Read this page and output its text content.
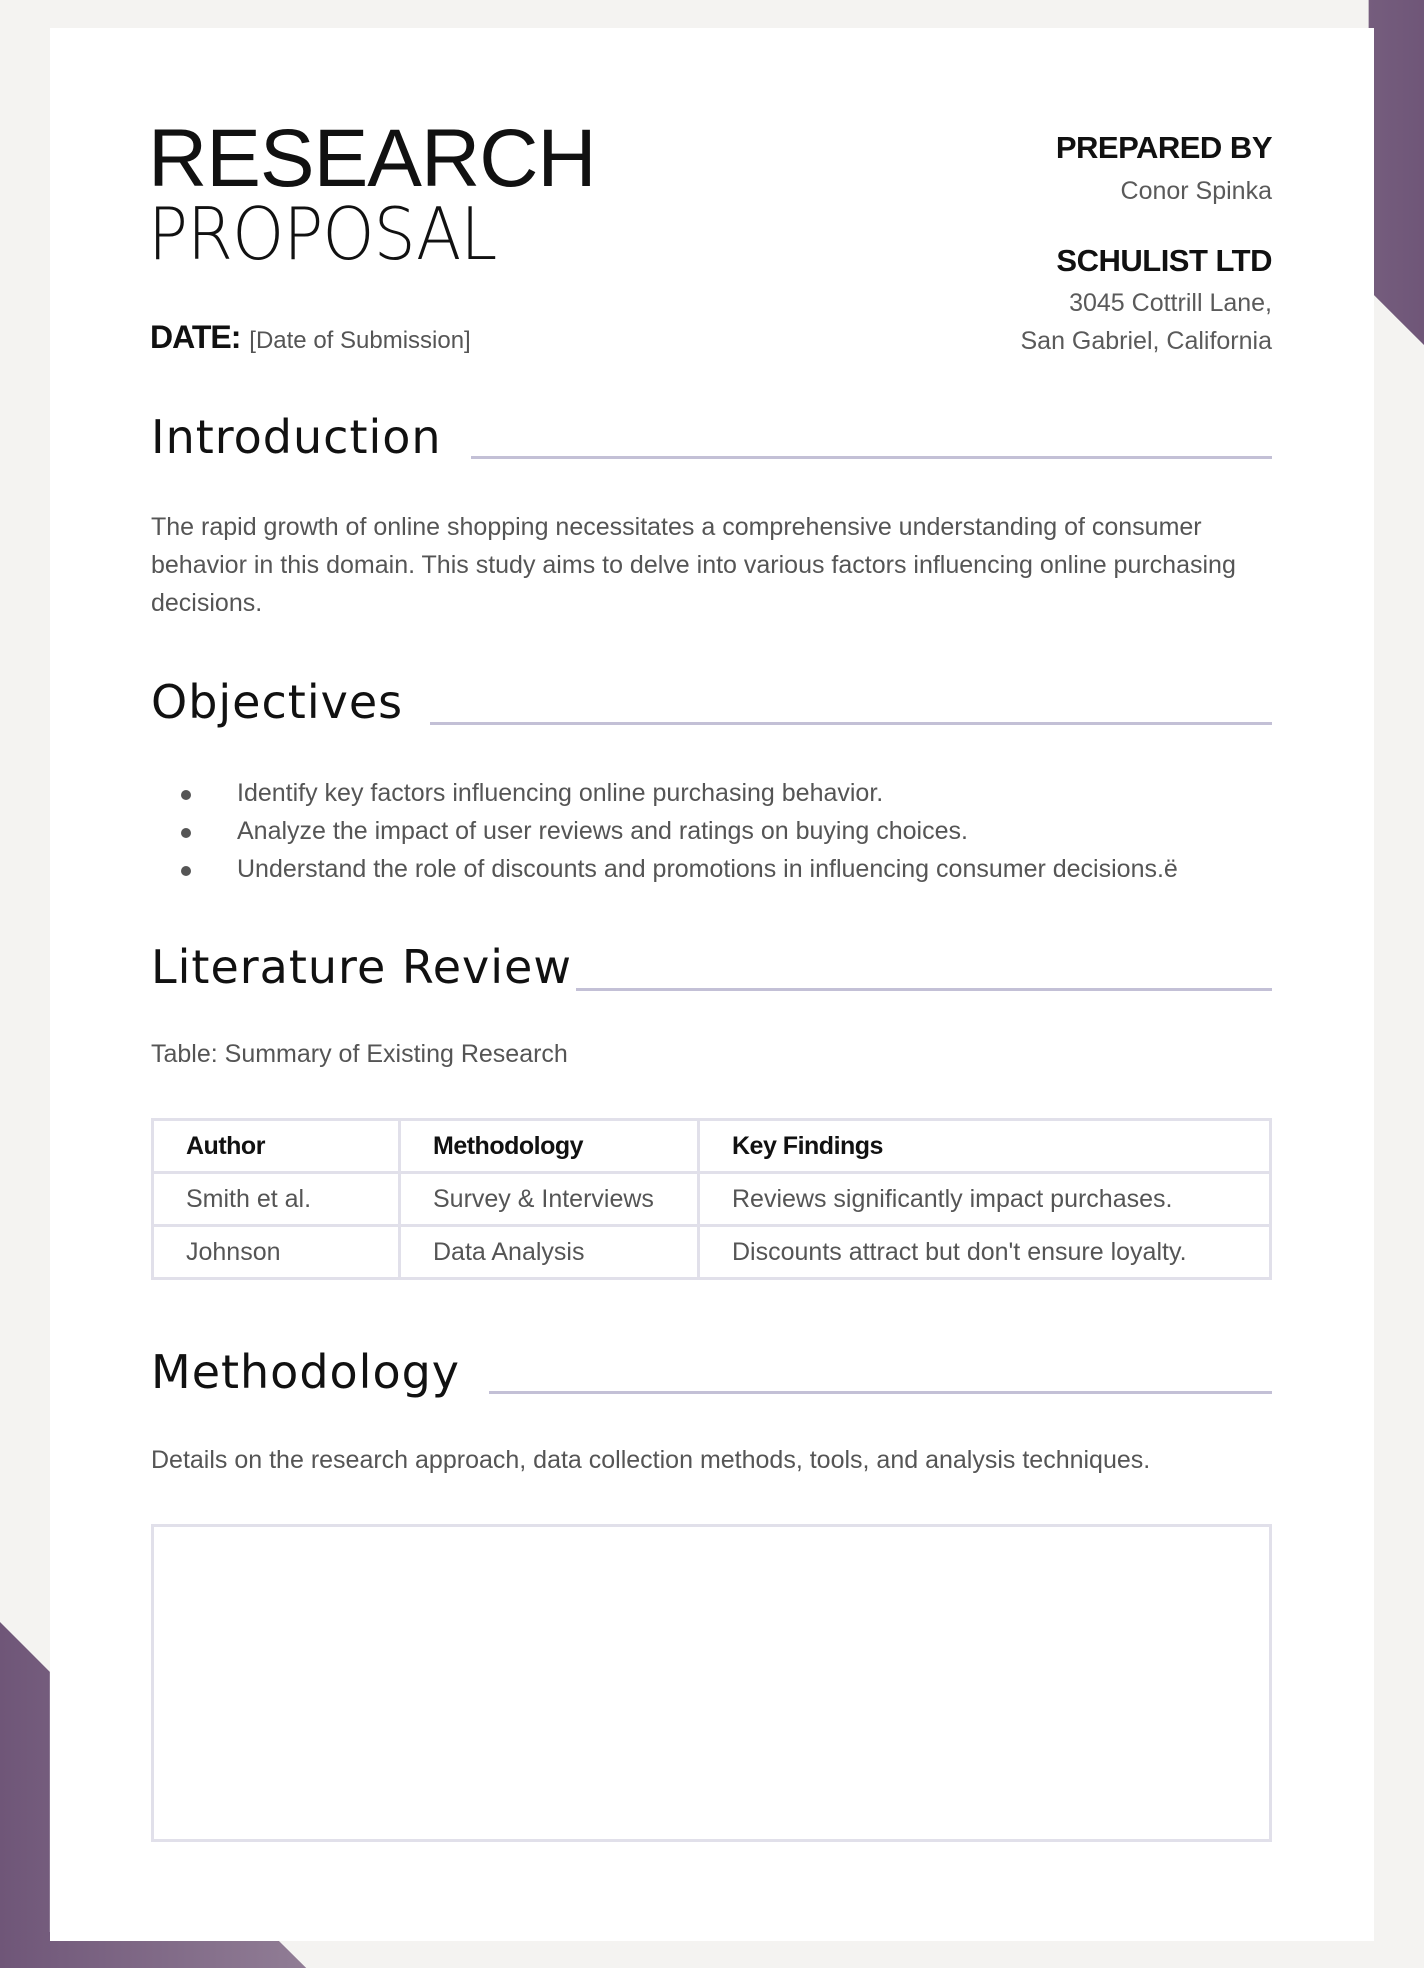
RESEARCH
PROPOSAL
DATE: [Date of Submission]
PREPARED BY
Conor Spinka
SCHULIST LTD
3045 Cottrill Lane,
San Gabriel, California
Introduction
The rapid growth of online shopping necessitates a comprehensive understanding of consumer behavior in this domain. This study aims to delve into various factors influencing online purchasing decisions.
Objectives
Identify key factors influencing online purchasing behavior.
Analyze the impact of user reviews and ratings on buying choices.
Understand the role of discounts and promotions in influencing consumer decisions.ë
Literature Review
Table: Summary of Existing Research
Author	Methodology	Key Findings
Smith et al.	Survey & Interviews	Reviews significantly impact purchases.
Johnson	Data Analysis	Discounts attract but don't ensure loyalty.
Methodology
Details on the research approach, data collection methods, tools, and analysis techniques.
